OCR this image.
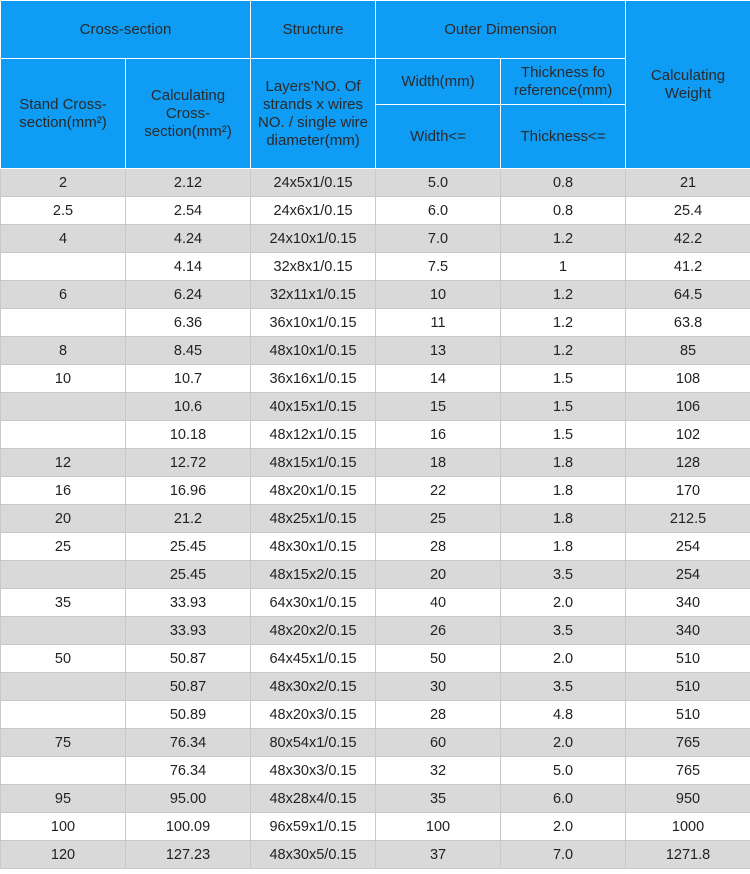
Cross-section		Structure	Outer Dimension		Calculating Weight
Stand Cross-section(mm²)	Calculating Cross-section(mm²)	Layers’NO. Of strands x wires NO. / single wire diameter(mm)	Width(mm)	Thickness fo reference(mm)	
			Width<=	Thickness<=	
2	2.12	24x5x1/0.15	5.0	0.8	21
2.5	2.54	24x6x1/0.15	6.0	0.8	25.4
4	4.24	24x10x1/0.15	7.0	1.2	42.2
	4.14	32x8x1/0.15	7.5	1	41.2
6	6.24	32x11x1/0.15	10	1.2	64.5
	6.36	36x10x1/0.15	11	1.2	63.8
8	8.45	48x10x1/0.15	13	1.2	85
10	10.7	36x16x1/0.15	14	1.5	108
	10.6	40x15x1/0.15	15	1.5	106
	10.18	48x12x1/0.15	16	1.5	102
12	12.72	48x15x1/0.15	18	1.8	128
16	16.96	48x20x1/0.15	22	1.8	170
20	21.2	48x25x1/0.15	25	1.8	212.5
25	25.45	48x30x1/0.15	28	1.8	254
	25.45	48x15x2/0.15	20	3.5	254
35	33.93	64x30x1/0.15	40	2.0	340
	33.93	48x20x2/0.15	26	3.5	340
50	50.87	64x45x1/0.15	50	2.0	510
	50.87	48x30x2/0.15	30	3.5	510
	50.89	48x20x3/0.15	28	4.8	510
75	76.34	80x54x1/0.15	60	2.0	765
	76.34	48x30x3/0.15	32	5.0	765
95	95.00	48x28x4/0.15	35	6.0	950
100	100.09	96x59x1/0.15	100	2.0	1000
120	127.23	48x30x5/0.15	37	7.0	1271.8
